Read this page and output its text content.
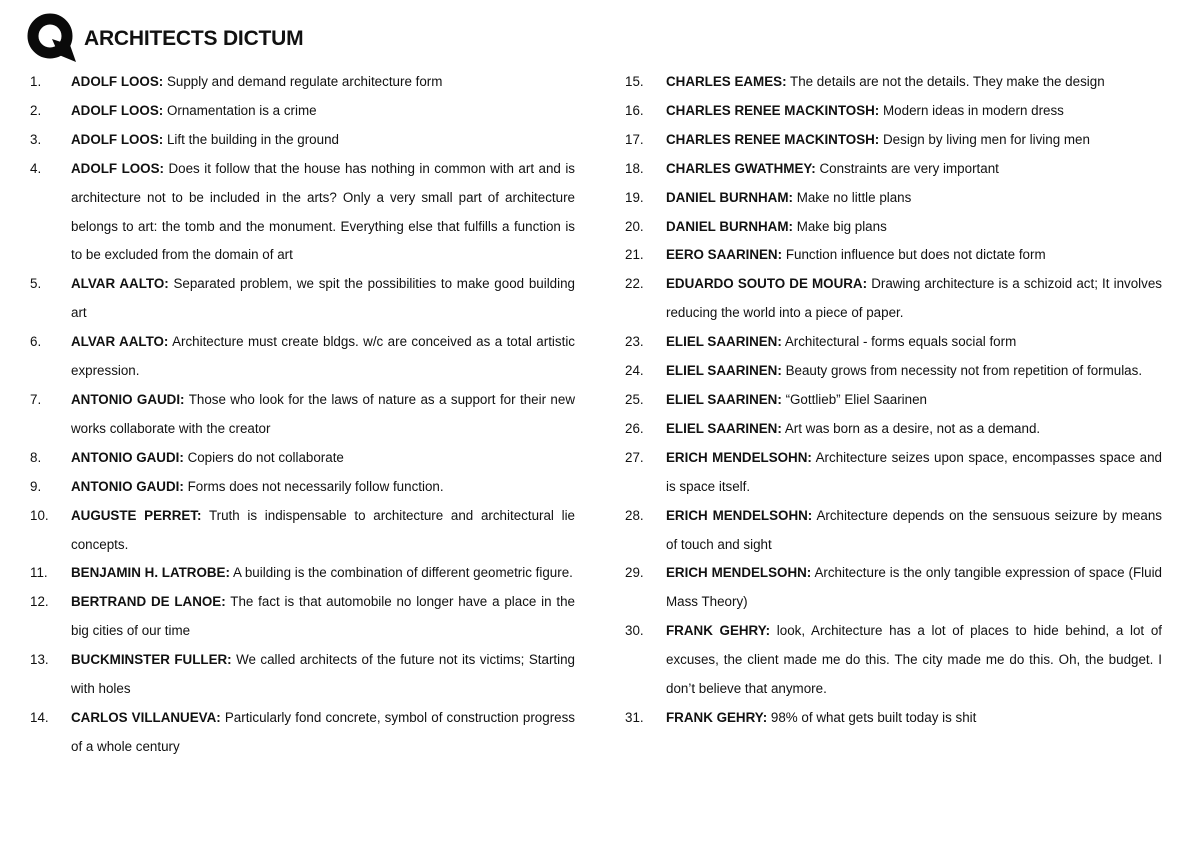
ARCHITECTS DICTUM
1.	ADOLF LOOS: Supply and demand regulate architecture form
2.	ADOLF LOOS: Ornamentation is a crime
3.	ADOLF LOOS: Lift the building in the ground
4.	ADOLF LOOS: Does it follow that the house has nothing in common with art and is architecture not to be included in the arts? Only a very small part of architecture belongs to art: the tomb and the monument. Everything else that fulfills a function is to be excluded from the domain of art
5.	ALVAR AALTO: Separated problem, we spit the possibilities to make good building art
6.	ALVAR AALTO: Architecture must create bldgs. w/c are conceived as a total artistic expression.
7.	ANTONIO GAUDI: Those who look for the laws of nature as a support for their new works collaborate with the creator
8.	ANTONIO GAUDI: Copiers do not collaborate
9.	ANTONIO GAUDI: Forms does not necessarily follow function.
10.	AUGUSTE PERRET: Truth is indispensable to architecture and architectural lie concepts.
11.	BENJAMIN H. LATROBE: A building is the combination of different geometric figure.
12.	BERTRAND DE LANOE: The fact is that automobile no longer have a place in the big cities of our time
13.	BUCKMINSTER FULLER: We called architects of the future not its victims; Starting with holes
14.	CARLOS VILLANUEVA: Particularly fond concrete, symbol of construction progress of a whole century
15.	CHARLES EAMES: The details are not the details. They make the design
16.	CHARLES RENEE MACKINTOSH: Modern ideas in modern dress
17.	CHARLES RENEE MACKINTOSH: Design by living men for living men
18.	CHARLES GWATHMEY: Constraints are very important
19.	DANIEL BURNHAM: Make no little plans
20.	DANIEL BURNHAM: Make big plans
21.	EERO SAARINEN: Function influence but does not dictate form
22.	EDUARDO SOUTO DE MOURA: Drawing architecture is a schizoid act; It involves reducing the world into a piece of paper.
23.	ELIEL SAARINEN: Architectural - forms equals social form
24.	ELIEL SAARINEN: Beauty grows from necessity not from repetition of formulas.
25.	ELIEL SAARINEN: “Gottlieb” Eliel Saarinen
26.	ELIEL SAARINEN: Art was born as a desire, not as a demand.
27.	ERICH MENDELSOHN: Architecture seizes upon space, encompasses space and is space itself.
28.	ERICH MENDELSOHN: Architecture depends on the sensuous seizure by means of touch and sight
29.	ERICH MENDELSOHN: Architecture is the only tangible expression of space (Fluid Mass Theory)
30.	FRANK GEHRY: look, Architecture has a lot of places to hide behind, a lot of excuses, the client made me do this. The city made me do this. Oh, the budget. I don’t believe that anymore.
31.	FRANK GEHRY: 98% of what gets built today is shit
